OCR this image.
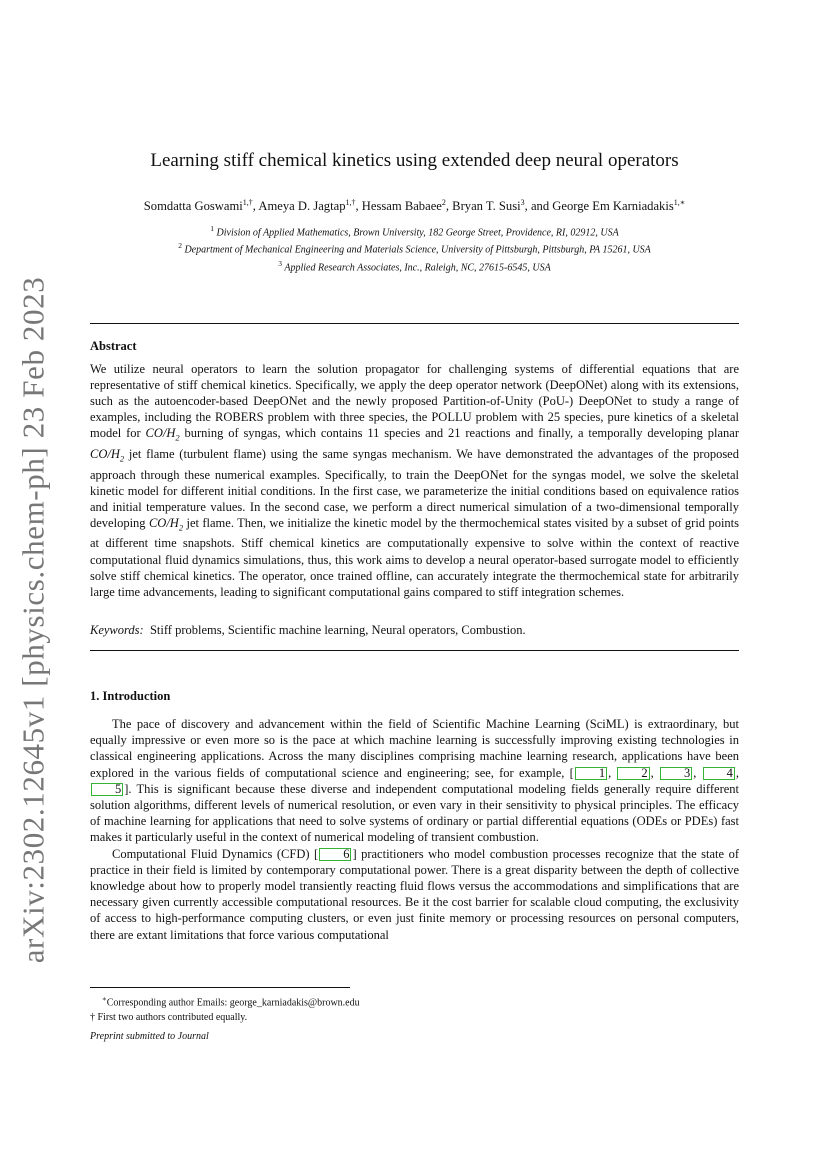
arXiv:2302.12645v1 [physics.chem-ph] 23 Feb 2023
Learning stiff chemical kinetics using extended deep neural operators
Somdatta Goswami$^{1,\dagger}$, Ameya D. Jagtap$^{1,\dagger}$, Hessam Babaee$^2$, Bryan T. Susi$^3$, and George Em Karniadakis$^{1,∗}$
$^1$ Division of Applied Mathematics, Brown University, 182 George Street, Providence, RI, 02912, USA
$^2$ Department of Mechanical Engineering and Materials Science, University of Pittsburgh, Pittsburgh, PA 15261, USA
$^3$ Applied Research Associates, Inc., Raleigh, NC, 27615-6545, USA
Abstract
We utilize neural operators to learn the solution propagator for challenging systems of differential equations that are representative of stiff chemical kinetics. Specifically, we apply the deep operator network (DeepONet) along with its extensions, such as the autoencoder-based DeepONet and the newly proposed Partition-of-Unity (PoU-) DeepONet to study a range of examples, including the ROBERS problem with three species, the POLLU problem with 25 species, pure kinetics of a skeletal model for $CO/H_2$ burning of syngas, which contains 11 species and 21 reactions and finally, a temporally developing planar $CO/H_2$ jet flame (turbulent flame) using the same syngas mechanism. We have demonstrated the advantages of the proposed approach through these numerical examples. Specifically, to train the DeepONet for the syngas model, we solve the skeletal kinetic model for different initial conditions. In the first case, we parameterize the initial conditions based on equivalence ratios and initial temperature values. In the second case, we perform a direct numerical simulation of a two-dimensional temporally developing $CO/H_2$ jet flame. Then, we initialize the kinetic model by the thermochemical states visited by a subset of grid points at different time snapshots. Stiff chemical kinetics are computationally expensive to solve within the context of reactive computational fluid dynamics simulations, thus, this work aims to develop a neural operator-based surrogate model to efficiently solve stiff chemical kinetics. The operator, once trained offline, can accurately integrate the thermochemical state for arbitrarily large time advancements, leading to significant computational gains compared to stiff integration schemes.
Keywords: Stiff problems, Scientific machine learning, Neural operators, Combustion.
1. Introduction

The pace of discovery and advancement within the field of Scientific Machine Learning (SciML) is extraordinary, but equally impressive or even more so is the pace at which machine learning is successfully improving existing technologies in classical engineering applications. Across the many disciplines comprising machine learning research, applications have been explored in the various fields of computational science and engineering; see, for example, [ 1 , 2 , 3 , 4 , 5 ]. This is significant because these diverse and independent computational modeling fields generally require different solution algorithms, different levels of numerical resolution, or even vary in their sensitivity to physical principles. The efficacy of machine learning for applications that need to solve systems of ordinary or partial differential equations (ODEs or PDEs) fast makes it particularly useful in the context of numerical modeling of transient combustion.

Computational Fluid Dynamics (CFD) [ 6 ] practitioners who model combustion processes recognize that the state of practice in their field is limited by contemporary computational power. There is a great disparity between the depth of collective knowledge about how to properly model transiently reacting fluid flows versus the accommodations and simplifications that are necessary given currently accessible computational resources. Be it the cost barrier for scalable cloud computing, the exclusivity of access to high-performance computing clusters, or even just finite memory or processing resources on personal computers, there are extant limitations that force various computational

∗Corresponding author Emails: george_karniadakis@brown.edu
† First two authors contributed equally.
Preprint submitted to Journal
